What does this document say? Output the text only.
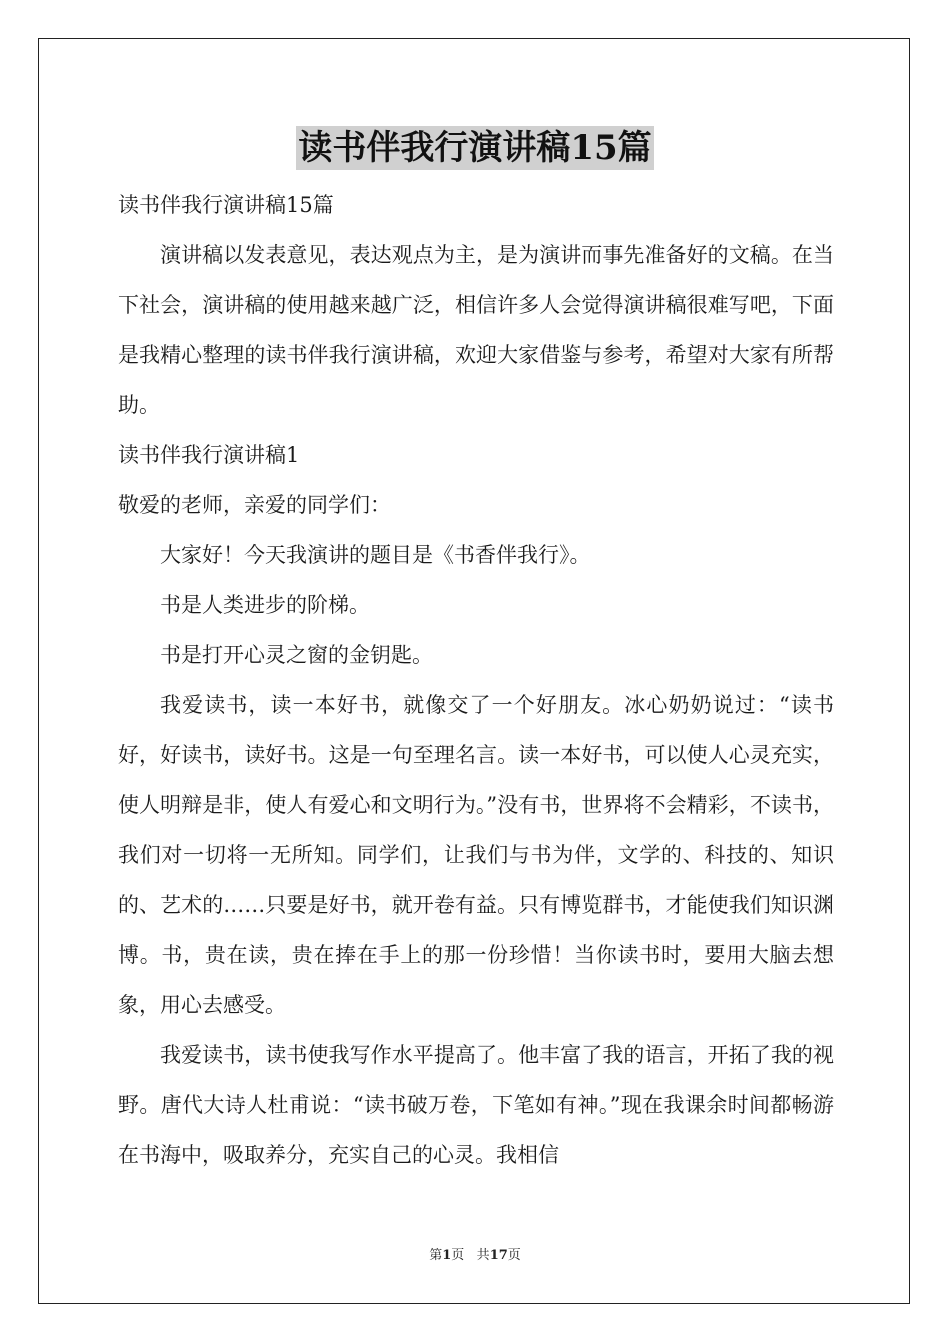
读书伴我行演讲稿15篇

读书伴我行演讲稿15篇

演讲稿以发表意见，表达观点为主，是为演讲而事先准备好的文稿。在当下社会，演讲稿的使用越来越广泛，相信许多人会觉得演讲稿很难写吧，下面是我精心整理的读书伴我行演讲稿，欢迎大家借鉴与参考，希望对大家有所帮助。

读书伴我行演讲稿1

敬爱的老师，亲爱的同学们：

大家好！今天我演讲的题目是《书香伴我行》。

书是人类进步的阶梯。

书是打开心灵之窗的金钥匙。

我爱读书，读一本好书，就像交了一个好朋友。冰心奶奶说过：“读书好，好读书，读好书。这是一句至理名言。读一本好书，可以使人心灵充实，使人明辩是非，使人有爱心和文明行为。”没有书，世界将不会精彩，不读书，我们对一切将一无所知。同学们，让我们与书为伴，文学的、科技的、知识的、艺术的……只要是好书，就开卷有益。只有博览群书，才能使我们知识渊博。书，贵在读，贵在捧在手上的那一份珍惜！当你读书时，要用大脑去想象，用心去感受。

我爱读书，读书使我写作水平提高了。他丰富了我的语言，开拓了我的视野。唐代大诗人杜甫说：“读书破万卷，下笔如有神。”现在我课余时间都畅游在书海中，吸取养分，充实自己的心灵。我相信

第1页 共17页
